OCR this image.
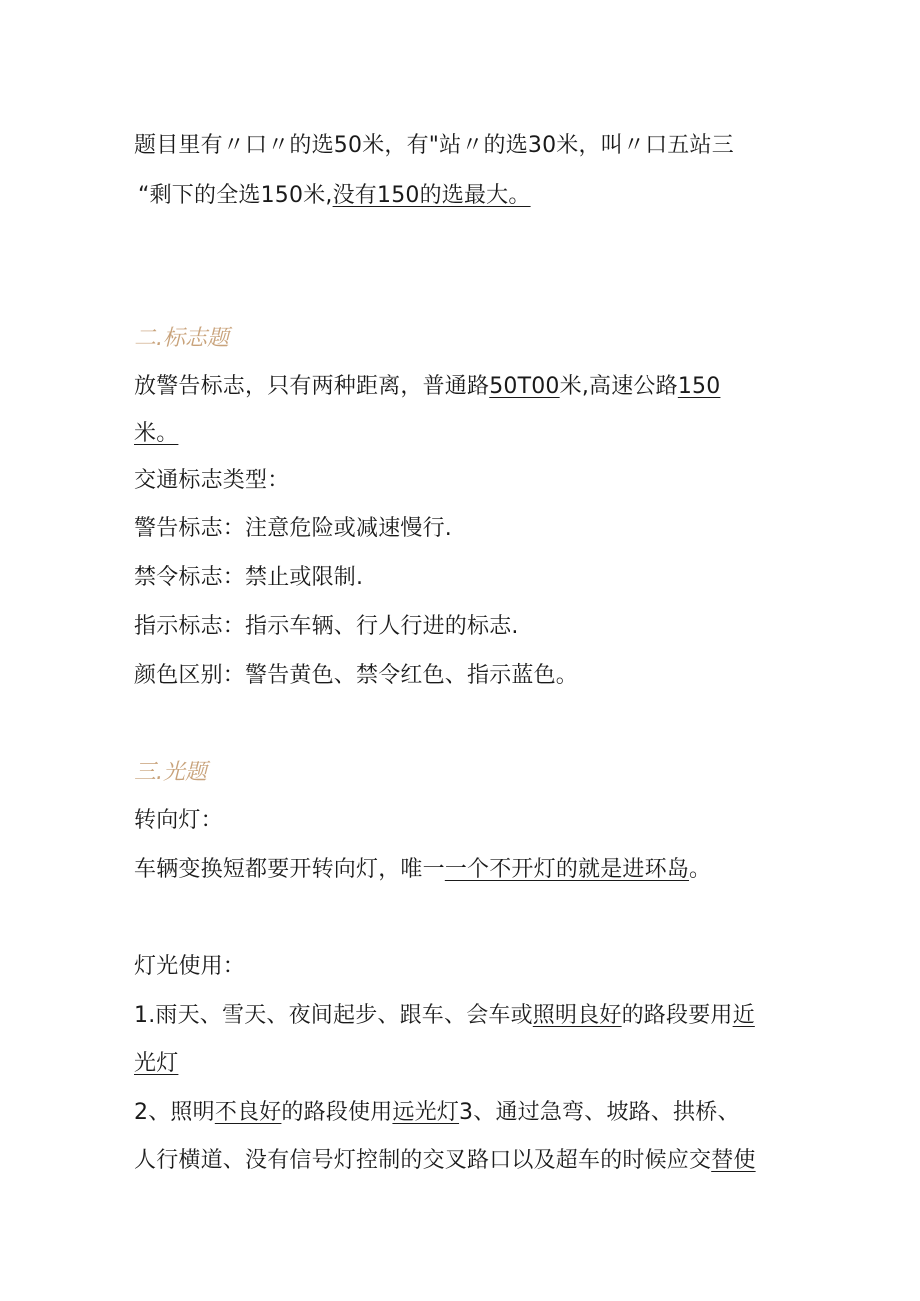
题目里有〃口〃的选50米，有"站〃的选30米，叫〃口五站三
“剩下的全选150米,没有150的选最大。
二.标志题
放警告标志，只有两种距离，普通路50T00米,高速公路150
米。
交通标志类型：
警告标志：注意危险或减速慢行.
禁令标志：禁止或限制.
指示标志：指示车辆、行人行进的标志.
颜色区别：警告黄色、禁令红色、指示蓝色。
三.光题
转向灯：
车辆变换短都要开转向灯，唯一一个不开灯的就是进环岛。
灯光使用：
1.雨天、雪天、夜间起步、跟车、会车或照明良好的路段要用近
光灯
2、照明不良好的路段使用远光灯3、通过急弯、坡路、拱桥、
人行横道、没有信号灯控制的交叉路口以及超车的时候应交替使
